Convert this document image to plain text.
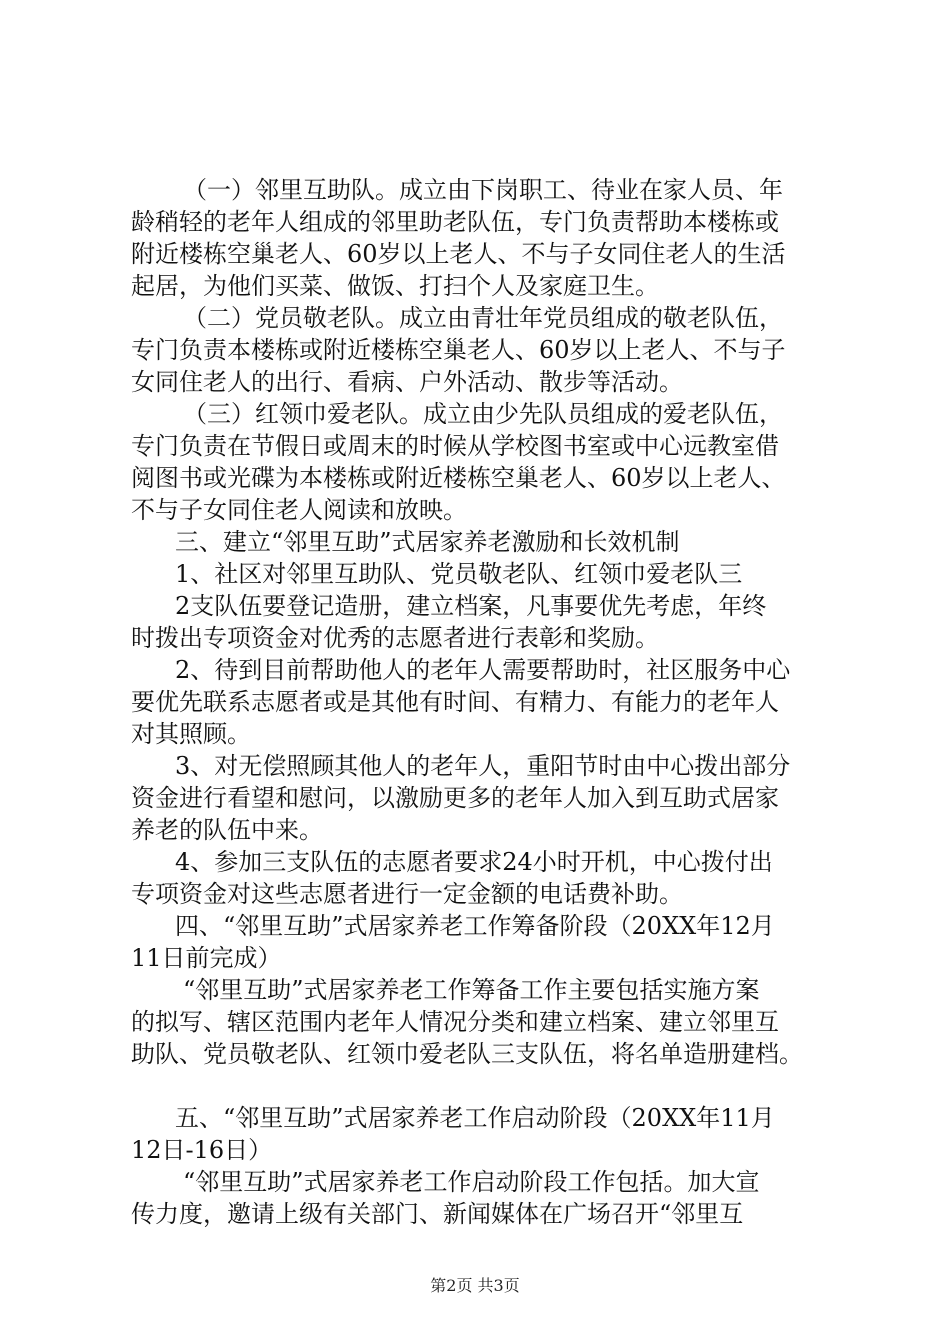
（一）邻里互助队。成立由下岗职工、待业在家人员、年
龄稍轻的老年人组成的邻里助老队伍，专门负责帮助本楼栋或
附近楼栋空巢老人、60岁以上老人、不与子女同住老人的生活
起居，为他们买菜、做饭、打扫个人及家庭卫生。
（二）党员敬老队。成立由青壮年党员组成的敬老队伍，
专门负责本楼栋或附近楼栋空巢老人、60岁以上老人、不与子
女同住老人的出行、看病、户外活动、散步等活动。
（三）红领巾爱老队。成立由少先队员组成的爱老队伍，
专门负责在节假日或周末的时候从学校图书室或中心远教室借
阅图书或光碟为本楼栋或附近楼栋空巢老人、60岁以上老人、
不与子女同住老人阅读和放映。
三、建立“邻里互助”式居家养老激励和长效机制
1、社区对邻里互助队、党员敬老队、红领巾爱老队三
2支队伍要登记造册，建立档案，凡事要优先考虑，年终
时拨出专项资金对优秀的志愿者进行表彰和奖励。
2、待到目前帮助他人的老年人需要帮助时，社区服务中心
要优先联系志愿者或是其他有时间、有精力、有能力的老年人
对其照顾。
3、对无偿照顾其他人的老年人，重阳节时由中心拨出部分
资金进行看望和慰问，以激励更多的老年人加入到互助式居家
养老的队伍中来。
4、参加三支队伍的志愿者要求24小时开机，中心拨付出
专项资金对这些志愿者进行一定金额的电话费补助。
四、“邻里互助”式居家养老工作筹备阶段（20XX年12月
11日前完成）
“邻里互助”式居家养老工作筹备工作主要包括实施方案
的拟写、辖区范围内老年人情况分类和建立档案、建立邻里互
助队、党员敬老队、红领巾爱老队三支队伍，将名单造册建档。
五、“邻里互助”式居家养老工作启动阶段（20XX年11月
12日-16日）
“邻里互助”式居家养老工作启动阶段工作包括。加大宣
传力度，邀请上级有关部门、新闻媒体在广场召开“邻里互
第2页 共3页
